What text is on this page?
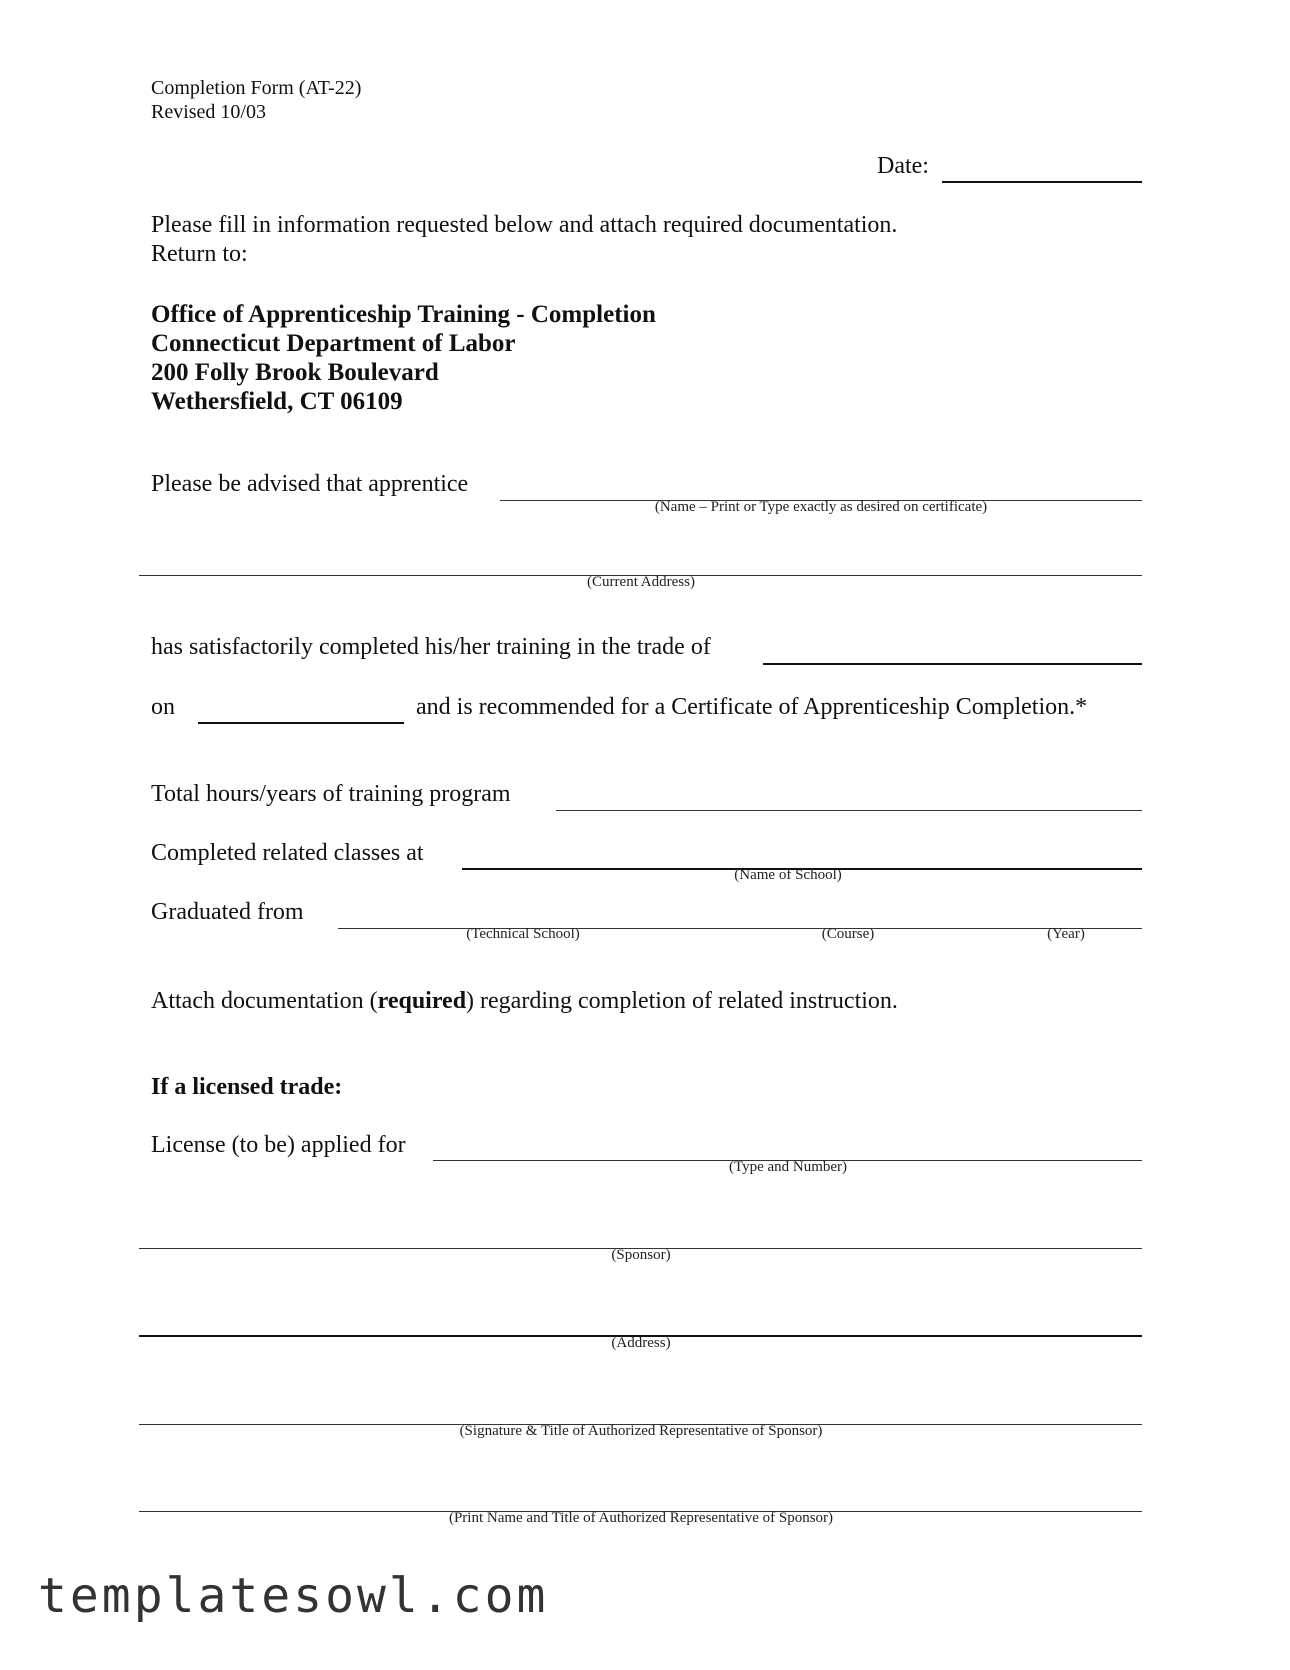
Completion Form (AT-22)
Revised 10/03
Date:
Please fill in information requested below and attach required documentation.
Return to:
Office of Apprenticeship Training - Completion
Connecticut Department of Labor
200 Folly Brook Boulevard
Wethersfield, CT 06109
Please be advised that apprentice
(Name – Print or Type exactly as desired on certificate)
(Current Address)
has satisfactorily completed his/her training in the trade of
on	and is recommended for a Certificate of Apprenticeship Completion.*
Total hours/years of training program
Completed related classes at
(Name of School)
Graduated from
(Technical School)	(Course)	(Year)
Attach documentation (required) regarding completion of related instruction.
If a licensed trade:
License (to be) applied for
(Type and Number)
(Sponsor)
(Address)
(Signature & Title of Authorized Representative of Sponsor)
(Print Name and Title of Authorized Representative of Sponsor)
templatesowl.com
